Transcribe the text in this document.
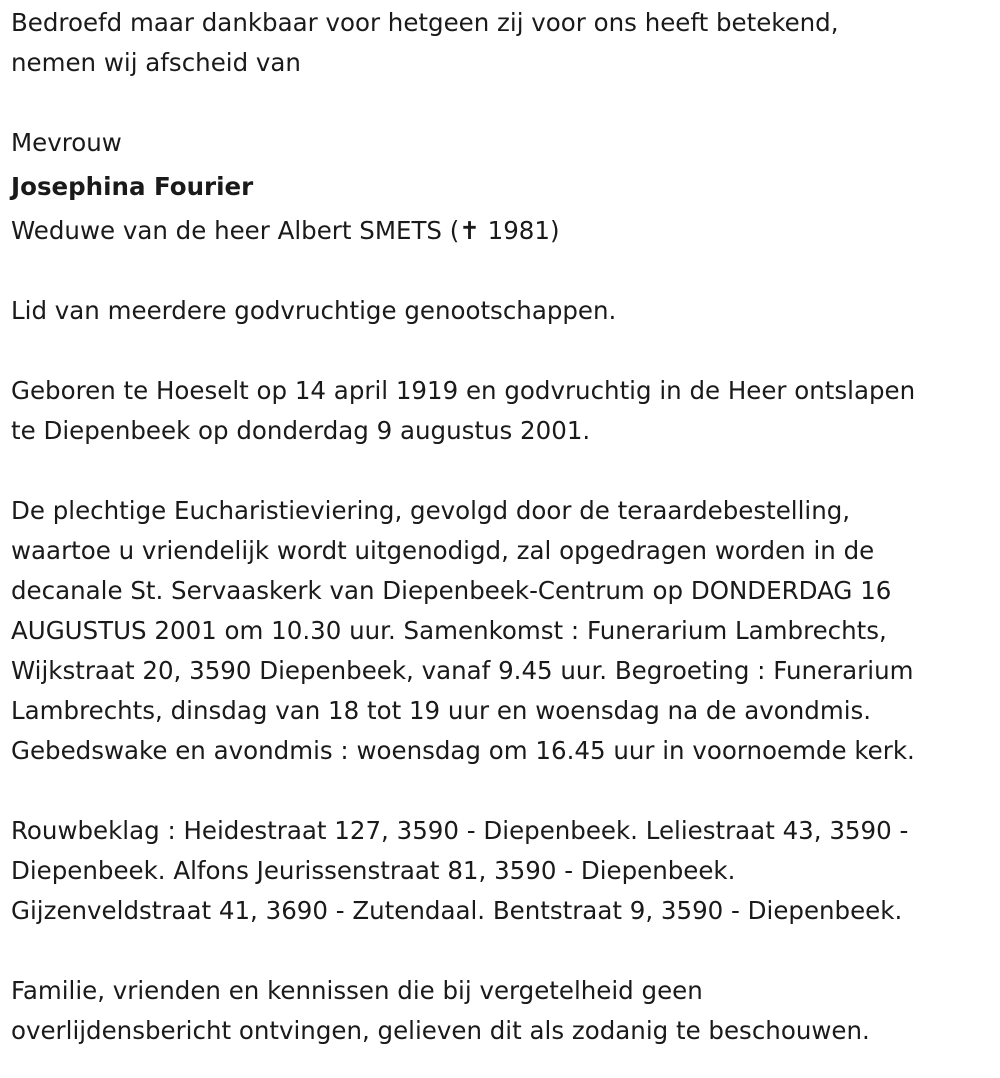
Bedroefd maar dankbaar voor hetgeen zij voor ons heeft betekend,
nemen wij afscheid van

Mevrouw

Josephina Fourier

Weduwe van de heer Albert SMETS (✝ 1981)

Lid van meerdere godvruchtige genootschappen.

Geboren te Hoeselt op 14 april 1919 en godvruchtig in de Heer ontslapen
te Diepenbeek op donderdag 9 augustus 2001.

De plechtige Eucharistieviering, gevolgd door de teraardebestelling,
waartoe u vriendelijk wordt uitgenodigd, zal opgedragen worden in de
decanale St. Servaaskerk van Diepenbeek-Centrum op DONDERDAG 16
AUGUSTUS 2001 om 10.30 uur. Samenkomst : Funerarium Lambrechts,
Wijkstraat 20, 3590 Diepenbeek, vanaf 9.45 uur. Begroeting : Funerarium
Lambrechts, dinsdag van 18 tot 19 uur en woensdag na de avondmis.
Gebedswake en avondmis : woensdag om 16.45 uur in voornoemde kerk.

Rouwbeklag : Heidestraat 127, 3590 - Diepenbeek. Leliestraat 43, 3590 -
Diepenbeek. Alfons Jeurissenstraat 81, 3590 - Diepenbeek.
Gijzenveldstraat 41, 3690 - Zutendaal. Bentstraat 9, 3590 - Diepenbeek.

Familie, vrienden en kennissen die bij vergetelheid geen
overlijdensbericht ontvingen, gelieven dit als zodanig te beschouwen.
